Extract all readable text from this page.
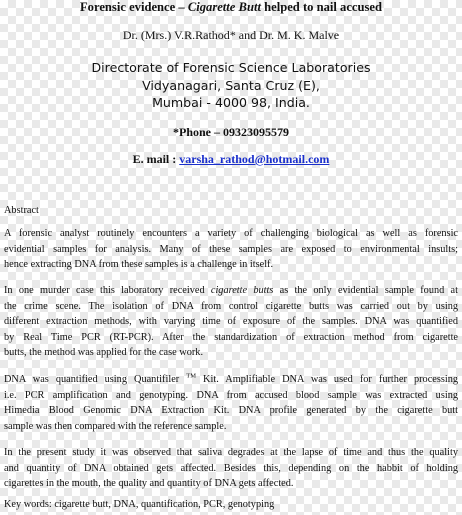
Forensic evidence – Cigarette Butt helped to nail accused
Dr. (Mrs.) V.R.Rathod* and Dr. M. K. Malve
Directorate of Forensic Science Laboratories
Vidyanagari, Santa Cruz (E),
Mumbai - 4000 98, India.
*Phone – 09323095579
E. mail : varsha_rathod@hotmail.com
Abstract
A forensic analyst routinely encounters a variety of challenging biological as well as forensic
evidential samples for analysis. Many of these samples are exposed to environmental insults;
hence extracting DNA from these samples is a challenge in itself.
In one murder case this laboratory received cigarette butts as the only evidential sample found at
the crime scene. The isolation of DNA from control cigarette butts was carried out by using
different extraction methods, with varying time of exposure of the samples. DNA was quantified
by Real Time PCR (RT-PCR). After the standardization of extraction method from cigarette
butts, the method was applied for the case work.
DNA was quantified using Quantifiler ™ Kit. Amplifiable DNA was used for further processing
i.e. PCR amplification and genotyping. DNA from accused blood sample was extracted using
Himedia Blood Genomic DNA Extraction Kit. DNA profile generated by the cigarette butt
sample was then compared with the reference sample.
In the present study it was observed that saliva degrades at the lapse of time and thus the quality
and quantity of DNA obtained gets affected. Besides this, depending on the habbit of holding
cigarettes in the mouth, the quality and quantity of DNA gets affected.
Key words: cigarette butt, DNA, quantification, PCR, genotyping
